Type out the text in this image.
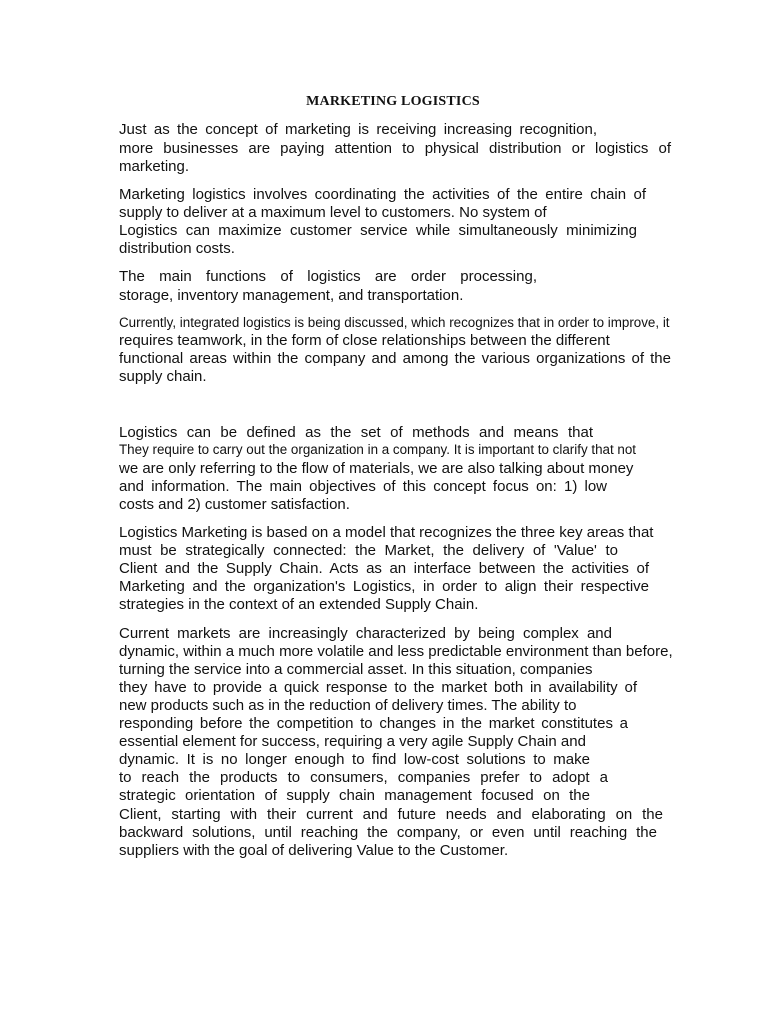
MARKETING LOGISTICS
Just as the concept of marketing is receiving increasing recognition,
more businesses are paying attention to physical distribution or logistics of
marketing.
Marketing logistics involves coordinating the activities of the entire chain of
supply to deliver at a maximum level to customers. No system of
Logistics can maximize customer service while simultaneously minimizing
distribution costs.
The main functions of logistics are order processing,
storage, inventory management, and transportation.
Currently, integrated logistics is being discussed, which recognizes that in order to improve, it
requires teamwork, in the form of close relationships between the different
functional areas within the company and among the various organizations of the
supply chain.
Logistics can be defined as the set of methods and means that
They require to carry out the organization in a company. It is important to clarify that not
we are only referring to the flow of materials, we are also talking about money
and information. The main objectives of this concept focus on: 1) low
costs and 2) customer satisfaction.
Logistics Marketing is based on a model that recognizes the three key areas that
must be strategically connected: the Market, the delivery of 'Value' to
Client and the Supply Chain. Acts as an interface between the activities of
Marketing and the organization's Logistics, in order to align their respective
strategies in the context of an extended Supply Chain.
Current markets are increasingly characterized by being complex and
dynamic, within a much more volatile and less predictable environment than before,
turning the service into a commercial asset. In this situation, companies
they have to provide a quick response to the market both in availability of
new products such as in the reduction of delivery times. The ability to
responding before the competition to changes in the market constitutes a
essential element for success, requiring a very agile Supply Chain and
dynamic. It is no longer enough to find low-cost solutions to make
to reach the products to consumers, companies prefer to adopt a
strategic orientation of supply chain management focused on the
Client, starting with their current and future needs and elaborating on the
backward solutions, until reaching the company, or even until reaching the
suppliers with the goal of delivering Value to the Customer.
